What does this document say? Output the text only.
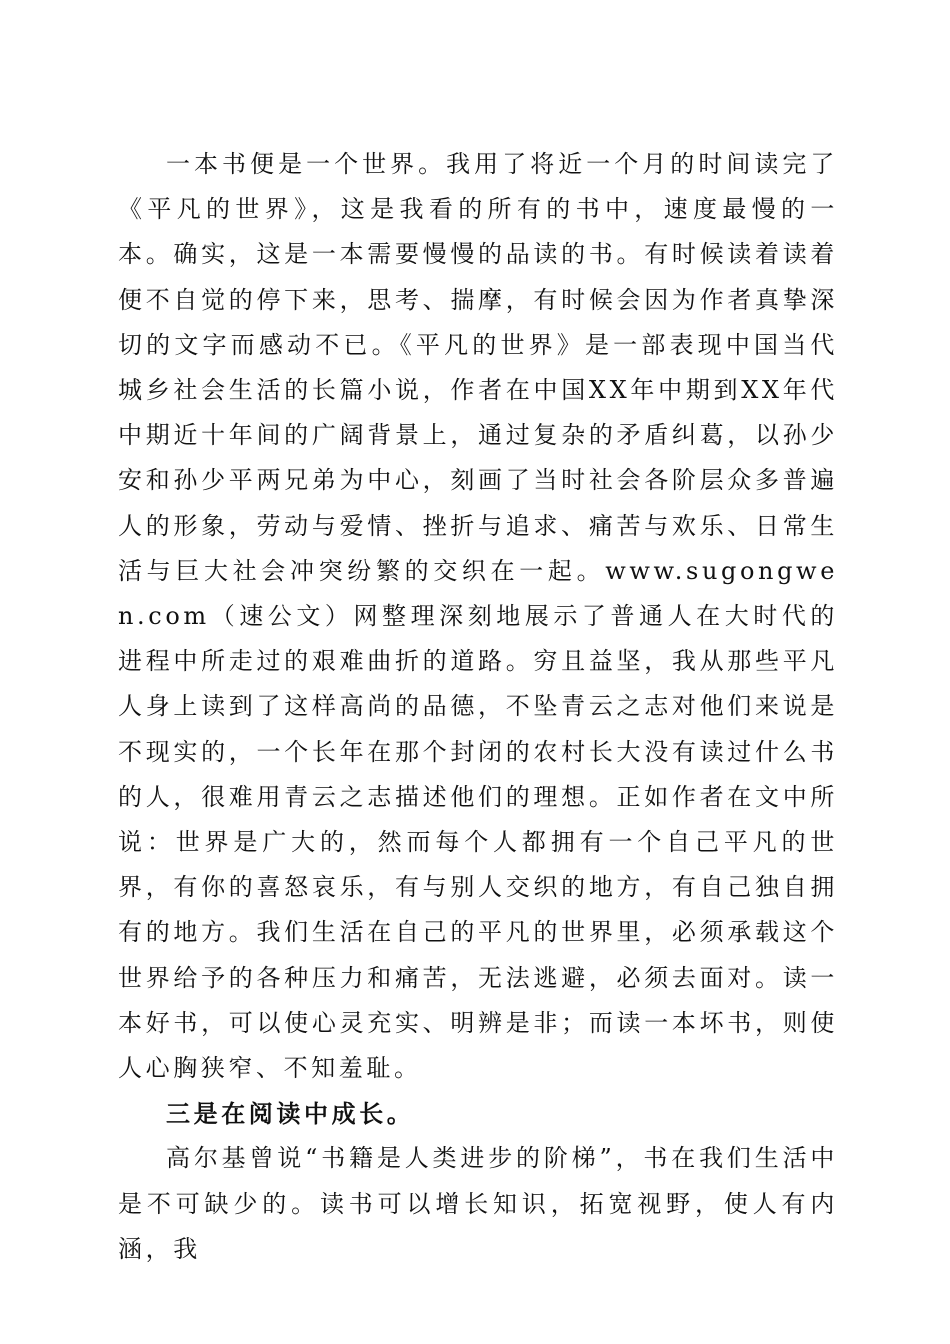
一本书便是一个世界。我用了将近一个月的时间读完了《平凡的世界》，这是我看的所有的书中，速度最慢的一本。确实，这是一本需要慢慢的品读的书。有时候读着读着便不自觉的停下来，思考、揣摩，有时候会因为作者真挚深切的文字而感动不已。《平凡的世界》是一部表现中国当代城乡社会生活的长篇小说，作者在中国XX年中期到XX年代中期近十年间的广阔背景上，通过复杂的矛盾纠葛，以孙少安和孙少平两兄弟为中心，刻画了当时社会各阶层众多普遍人的形象，劳动与爱情、挫折与追求、痛苦与欢乐、日常生活与巨大社会冲突纷繁的交织在一起。www.sugongwen.com（速公文）网整理深刻地展示了普通人在大时代的进程中所走过的艰难曲折的道路。穷且益坚，我从那些平凡人身上读到了这样高尚的品德，不坠青云之志对他们来说是不现实的，一个长年在那个封闭的农村长大没有读过什么书的人，很难用青云之志描述他们的理想。正如作者在文中所说：世界是广大的，然而每个人都拥有一个自己平凡的世界，有你的喜怒哀乐，有与别人交织的地方，有自己独自拥有的地方。我们生活在自己的平凡的世界里，必须承载这个世界给予的各种压力和痛苦，无法逃避，必须去面对。读一本好书，可以使心灵充实、明辨是非；而读一本坏书，则使人心胸狭窄、不知羞耻。

三是在阅读中成长。

高尔基曾说“书籍是人类进步的阶梯”，书在我们生活中是不可缺少的。读书可以增长知识，拓宽视野，使人有内涵，我
